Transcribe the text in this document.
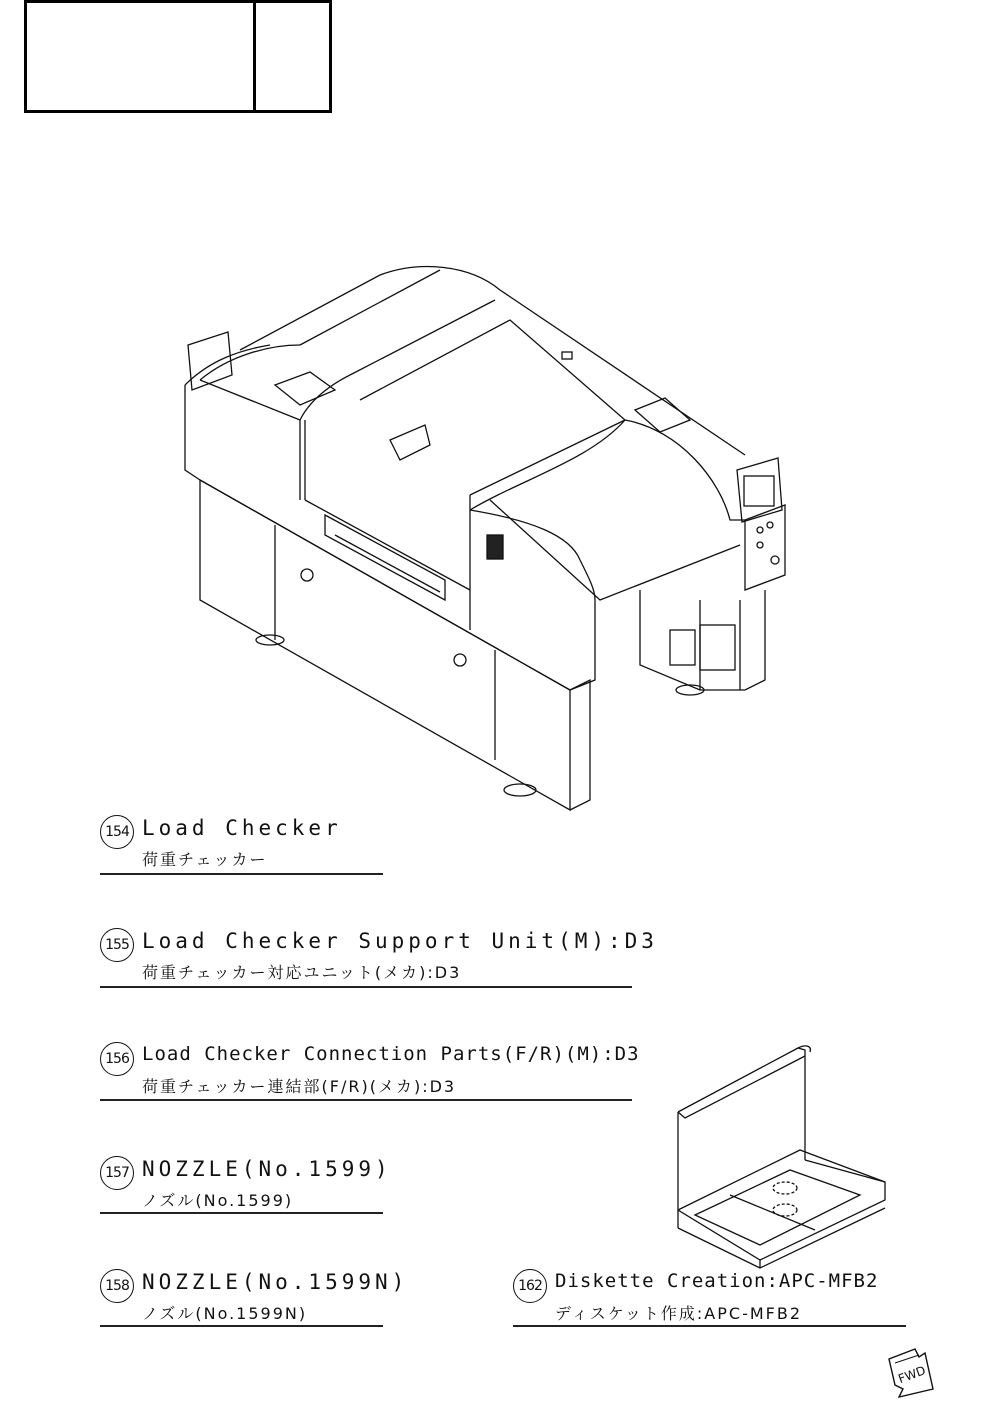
154 Load Checker
荷重チェッカー
155 Load Checker Support Unit(M):D3
荷重チェッカー対応ユニット(メカ):D3
156 Load Checker Connection Parts(F/R)(M):D3
荷重チェッカー連結部(F/R)(メカ):D3
157 NOZZLE(No.1599)
ノズル(No.1599)
158 NOZZLE(No.1599N)
ノズル(No.1599N)
162 Diskette Creation:APC-MFB2
ディスケット作成:APC-MFB2
FWD
